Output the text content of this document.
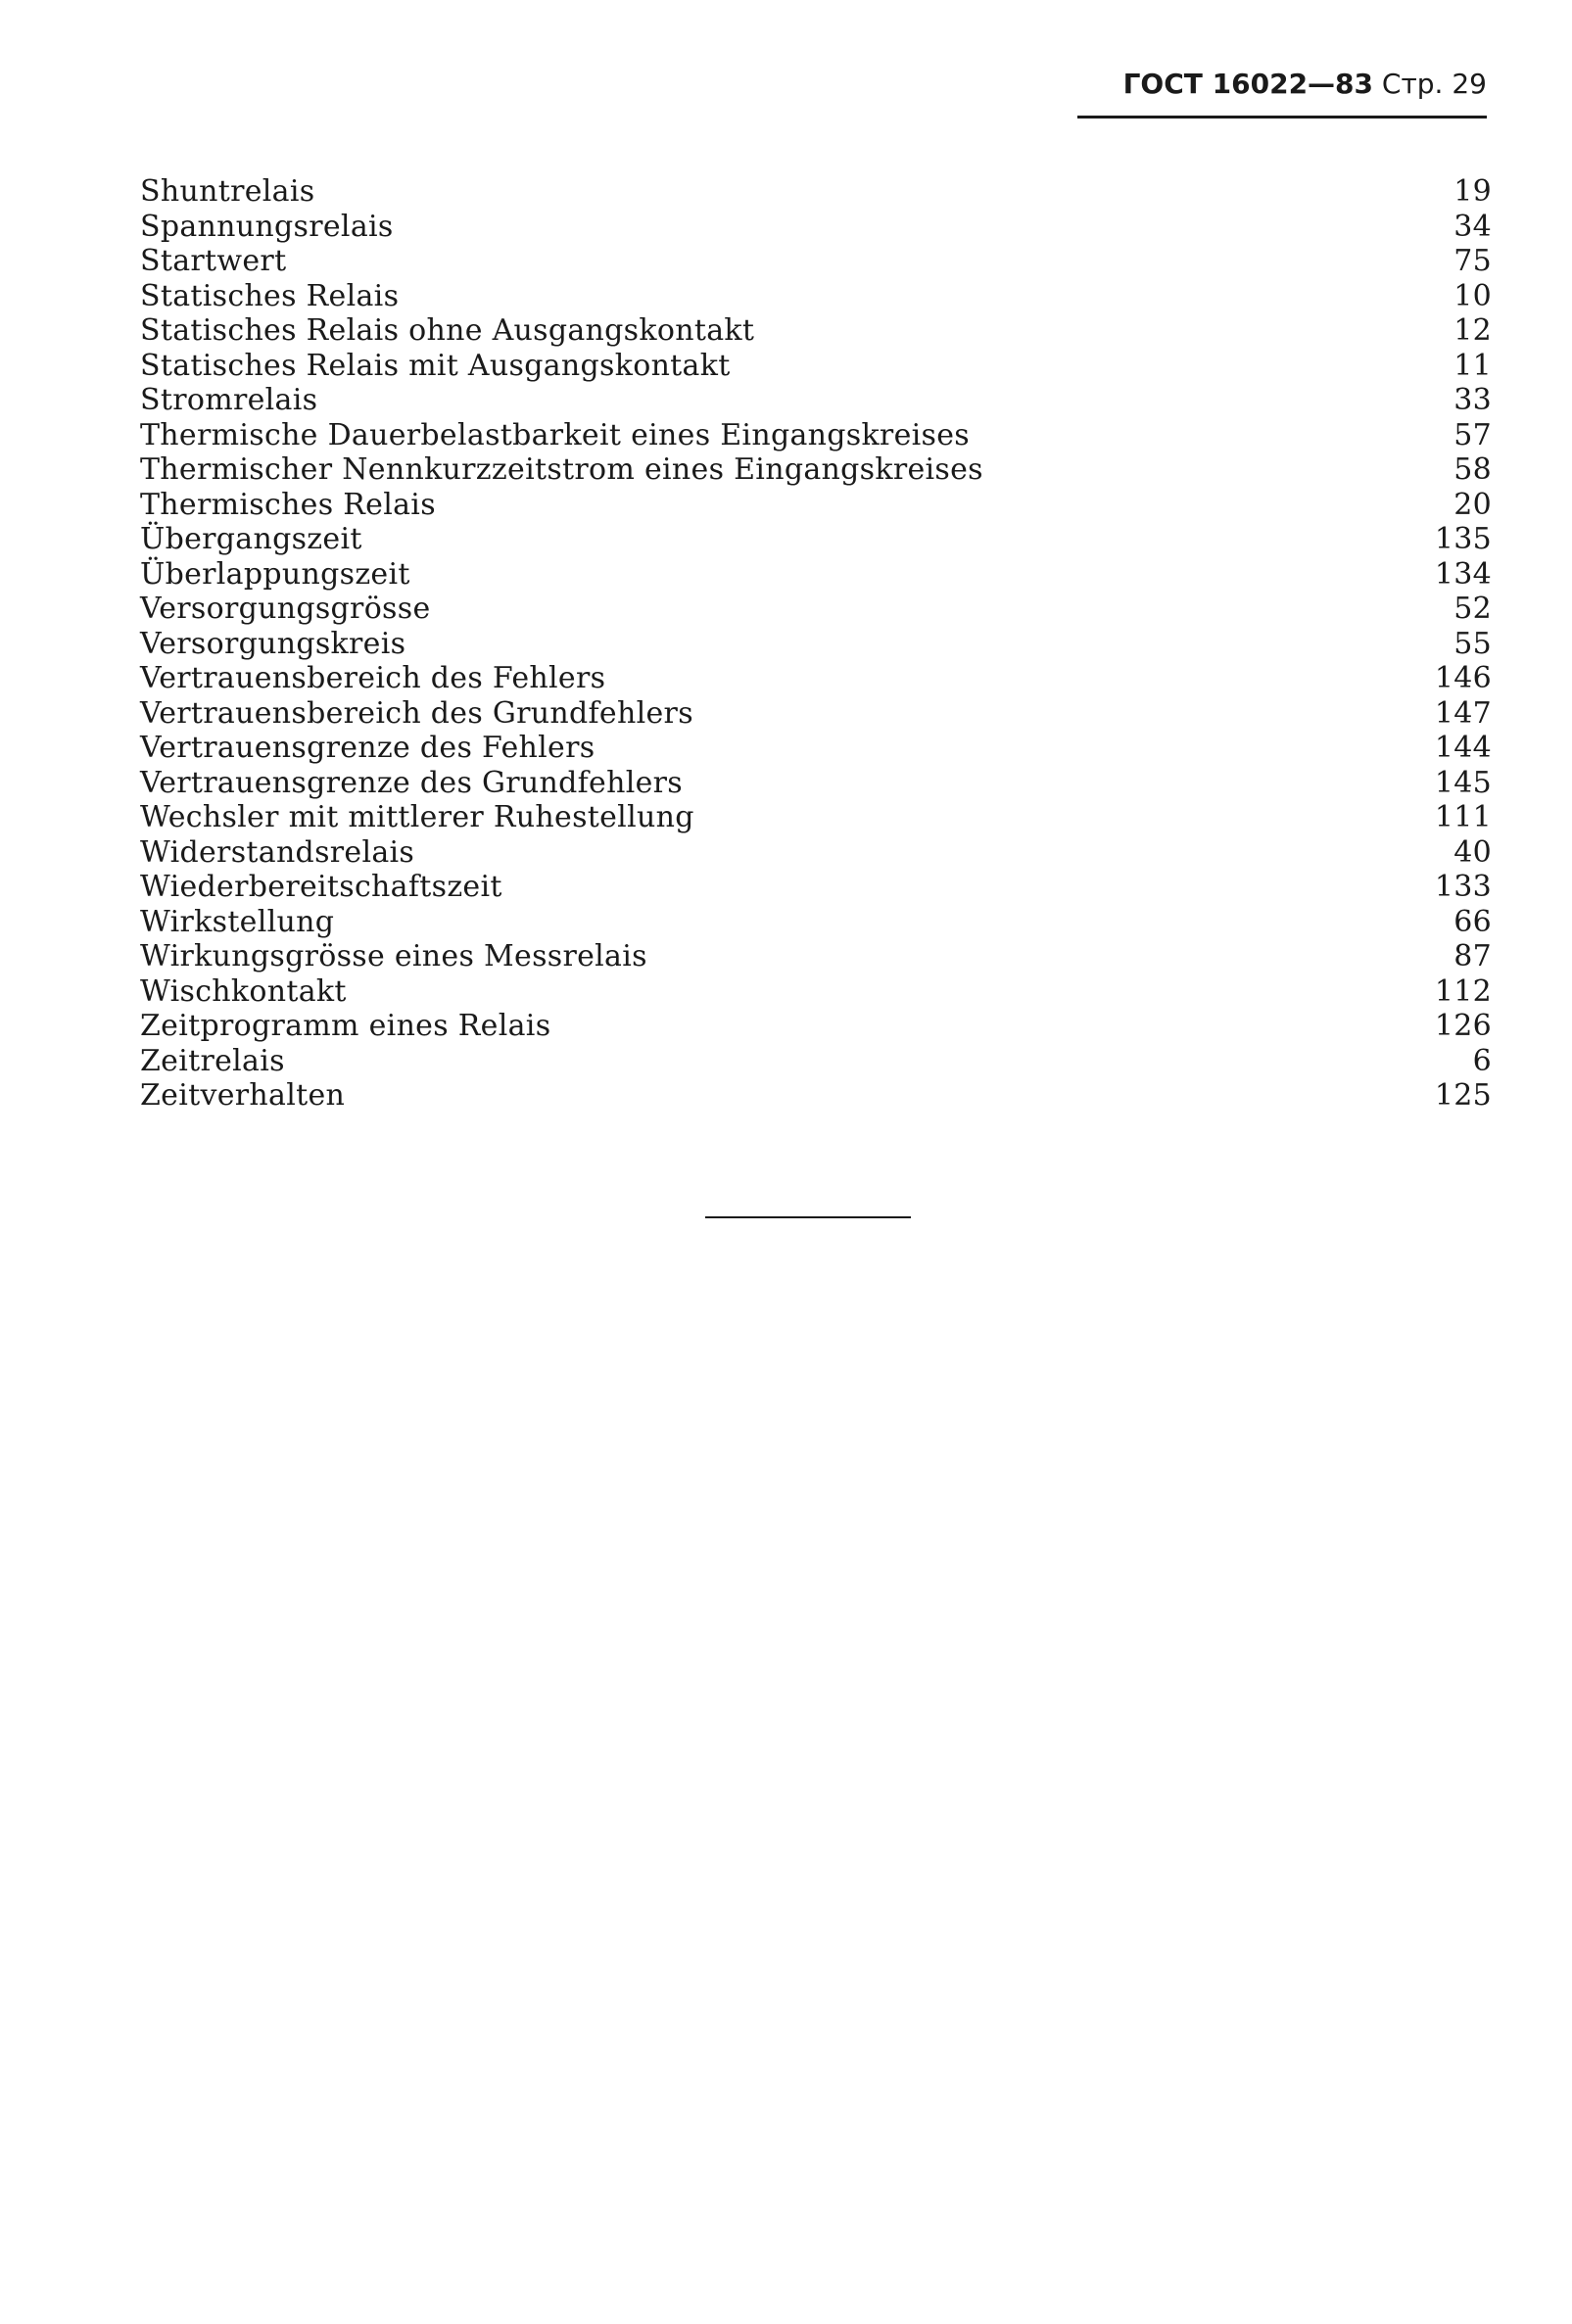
ГОСТ 16022—83 Стр. 29
Shuntrelais	19
Spannungsrelais	34
Startwert	75
Statisches Relais	10
Statisches Relais ohne Ausgangskontakt	12
Statisches Relais mit Ausgangskontakt	11
Stromrelais	33
Thermische Dauerbelastbarkeit eines Eingangskreises	57
Thermischer Nennkurzzeitstrom eines Eingangskreises	58
Thermisches Relais	20
Übergangszeit	135
Überlappungszeit	134
Versorgungsgrösse	52
Versorgungskreis	55
Vertrauensbereich des Fehlers	146
Vertrauensbereich des Grundfehlers	147
Vertrauensgrenze des Fehlers	144
Vertrauensgrenze des Grundfehlers	145
Wechsler mit mittlerer Ruhestellung	111
Widerstandsrelais	40
Wiederbereitschaftszeit	133
Wirkstellung	66
Wirkungsgrösse eines Messrelais	87
Wischkontakt	112
Zeitprogramm eines Relais	126
Zeitrelais	6
Zeitverhalten	125
